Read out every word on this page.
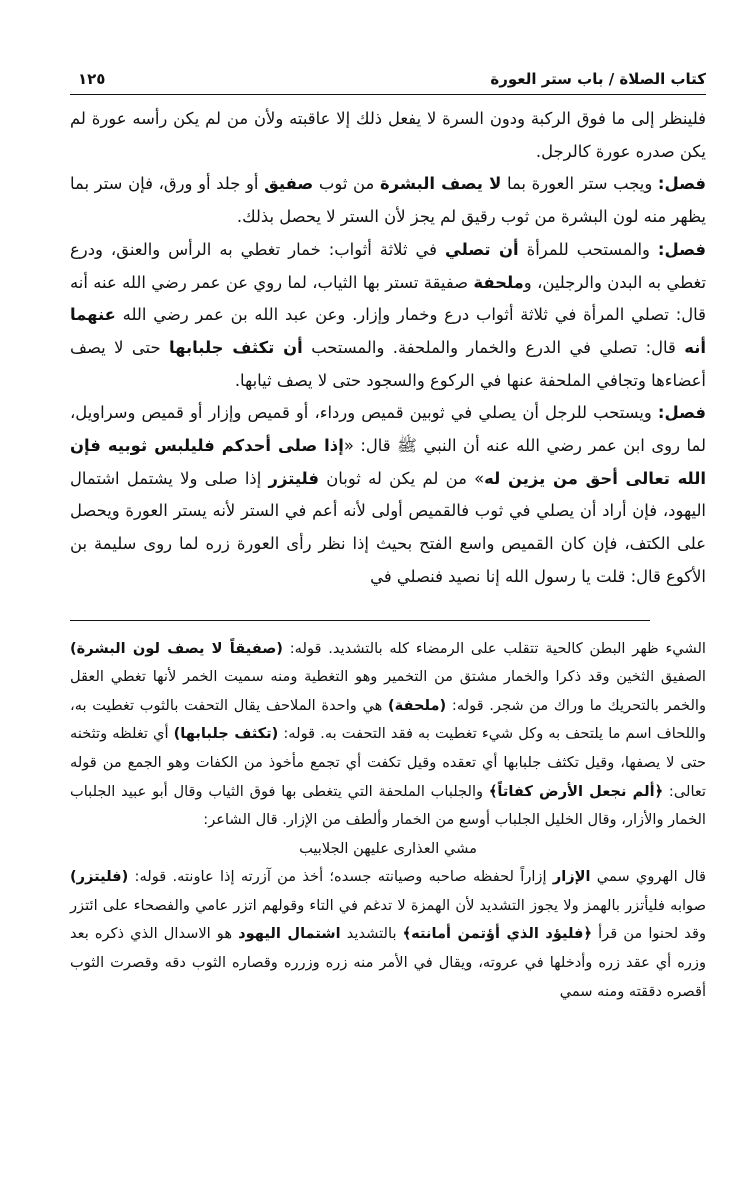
كتاب الصلاة / باب ستر العورة
١٢٥

فلينظر إلى ما فوق الركبة ودون السرة لا يفعل ذلك إلا عاقبته ولأن من لم يكن رأسه عورة لم يكن صدره عورة كالرجل.

فصل: ويجب ستر العورة بما لا يصف البشرة من ثوب صفيق أو جلد أو ورق، فإن ستر بما يظهر منه لون البشرة من ثوب رقيق لم يجز لأن الستر لا يحصل بذلك.

فصل: والمستحب للمرأة أن تصلي في ثلاثة أثواب: خمار تغطي به الرأس والعنق، ودرع تغطي به البدن والرجلين، وملحفة صفيقة تستر بها الثياب، لما روي عن عمر رضي الله عنه أنه قال: تصلي المرأة في ثلاثة أثواب درع وخمار وإزار. وعن عبد الله بن عمر رضي الله عنهما أنه قال: تصلي في الدرع والخمار والملحفة. والمستحب أن تكثف جلبابها حتى لا يصف أعضاءها وتجافي الملحفة عنها في الركوع والسجود حتى لا يصف ثيابها.

فصل: ويستحب للرجل أن يصلي في ثوبين قميص ورداء، أو قميص وإزار أو قميص وسراويل، لما روى ابن عمر رضي الله عنه أن النبي ﷺ قال: «إذا صلى أحدكم فليلبس ثوبيه فإن الله تعالى أحق من يزين له» من لم يكن له ثوبان فليتزر إذا صلى ولا يشتمل اشتمال اليهود، فإن أراد أن يصلي في ثوب فالقميص أولى لأنه أعم في الستر لأنه يستر العورة ويحصل على الكتف، فإن كان القميص واسع الفتح بحيث إذا نظر رأى العورة زره لما روى سليمة بن الأكوع قال: قلت يا رسول الله إنا نصيد فنصلي في

الشيء ظهر البطن كالحية تتقلب على الرمضاء كله بالتشديد. قوله: (صفيقاً لا يصف لون البشرة) الصفيق الثخين وقد ذكرا والخمار مشتق من التخمير وهو التغطية ومنه سميت الخمر لأنها تغطي العقل والخمر بالتحريك ما وراك من شجر. قوله: (ملحفة) هي واحدة الملاحف يقال التحفت بالثوب تغطيت به، واللحاف اسم ما يلتحف به وكل شيء تغطيت به فقد التحفت به. قوله: (تكثف جلبابها) أي تغلظه وتثخنه حتى لا يصفها، وقيل تكثف جلبابها أي تعقده وقيل تكفت أي تجمع مأخوذ من الكفات وهو الجمع من قوله تعالى: ﴿ألم نجعل الأرض كفاتاً﴾ والجلباب الملحفة التي يتغطى بها فوق الثياب وقال أبو عبيد الجلباب الخمار والأزار، وقال الخليل الجلباب أوسع من الخمار وألطف من الإزار. قال الشاعر:

مشي العذارى عليهن الجلابيب

قال الهروي سمي الإزار إزاراً لحفظه صاحبه وصيانته جسده؛ أخذ من آزرته إذا عاونته. قوله: (فليتزر) صوابه فليأتزر بالهمز ولا يجوز التشديد لأن الهمزة لا تدغم في التاء وقولهم اتزر عامي والفصحاء على ائتزر وقد لحنوا من قرأ ﴿فليؤد الذي أؤتمن أمانته﴾ بالتشديد اشتمال اليهود هو الاسدال الذي ذكره بعد وزره أي عقد زره وأدخلها في عروته، ويقال في الأمر منه زره وزرره وقصاره الثوب دقه وقصرت الثوب أقصره دققته ومنه سمي
